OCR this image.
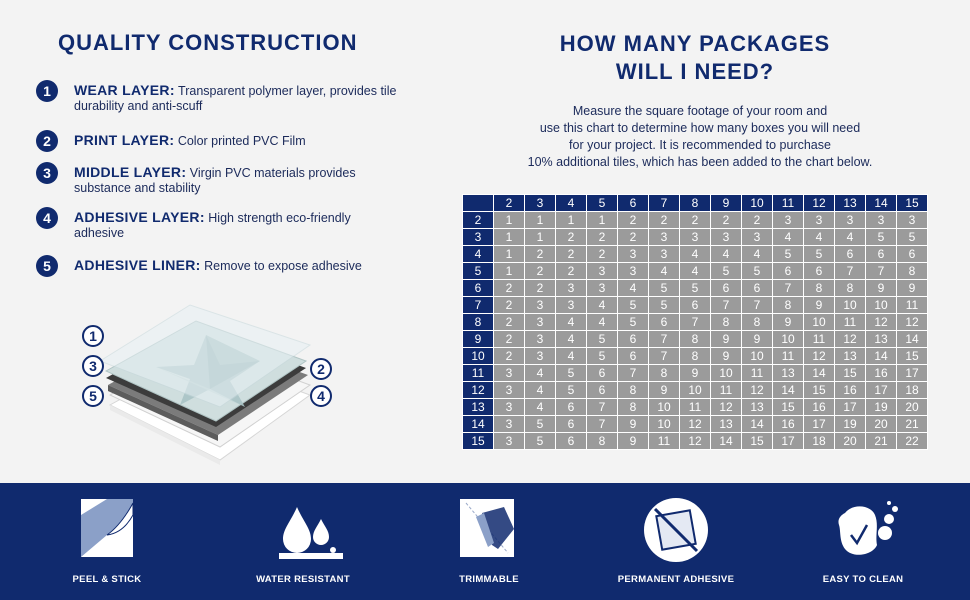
QUALITY CONSTRUCTION
1	WEAR LAYER: Transparent polymer layer, provides tile durability and anti-scuff
2	PRINT LAYER: Color printed PVC Film
3	MIDDLE LAYER: Virgin PVC materials provides substance and stability
4	ADHESIVE LAYER: High strength eco-friendly adhesive
5	ADHESIVE LINER: Remove to expose adhesive
1
3
5
2
4
HOW MANY PACKAGES
WILL I NEED?
Measure the square footage of your room and
use this chart to determine how many boxes you will need
for your project. It is recommended to purchase
10% additional tiles, which has been added to the chart below.
	2	3	4	5	6	7	8	9	10	11	12	13	14	15
2	1	1	1	1	2	2	2	2	2	3	3	3	3	3
3	1	1	2	2	2	3	3	3	3	4	4	4	5	5
4	1	2	2	2	3	3	4	4	4	5	5	6	6	6
5	1	2	2	3	3	4	4	5	5	6	6	7	7	8
6	2	2	3	3	4	5	5	6	6	7	8	8	9	9
7	2	3	3	4	5	5	6	7	7	8	9	10	10	11
8	2	3	4	4	5	6	7	8	8	9	10	11	12	12
9	2	3	4	5	6	7	8	9	9	10	11	12	13	14
10	2	3	4	5	6	7	8	9	10	11	12	13	14	15
11	3	4	5	6	7	8	9	10	11	13	14	15	16	17
12	3	4	5	6	8	9	10	11	12	14	15	16	17	18
13	3	4	6	7	8	10	11	12	13	15	16	17	19	20
14	3	5	6	7	9	10	12	13	14	16	17	19	20	21
15	3	5	6	8	9	11	12	14	15	17	18	20	21	22
PEEL & STICK	WATER RESISTANT	TRIMMABLE	PERMANENT ADHESIVE	EASY TO CLEAN
